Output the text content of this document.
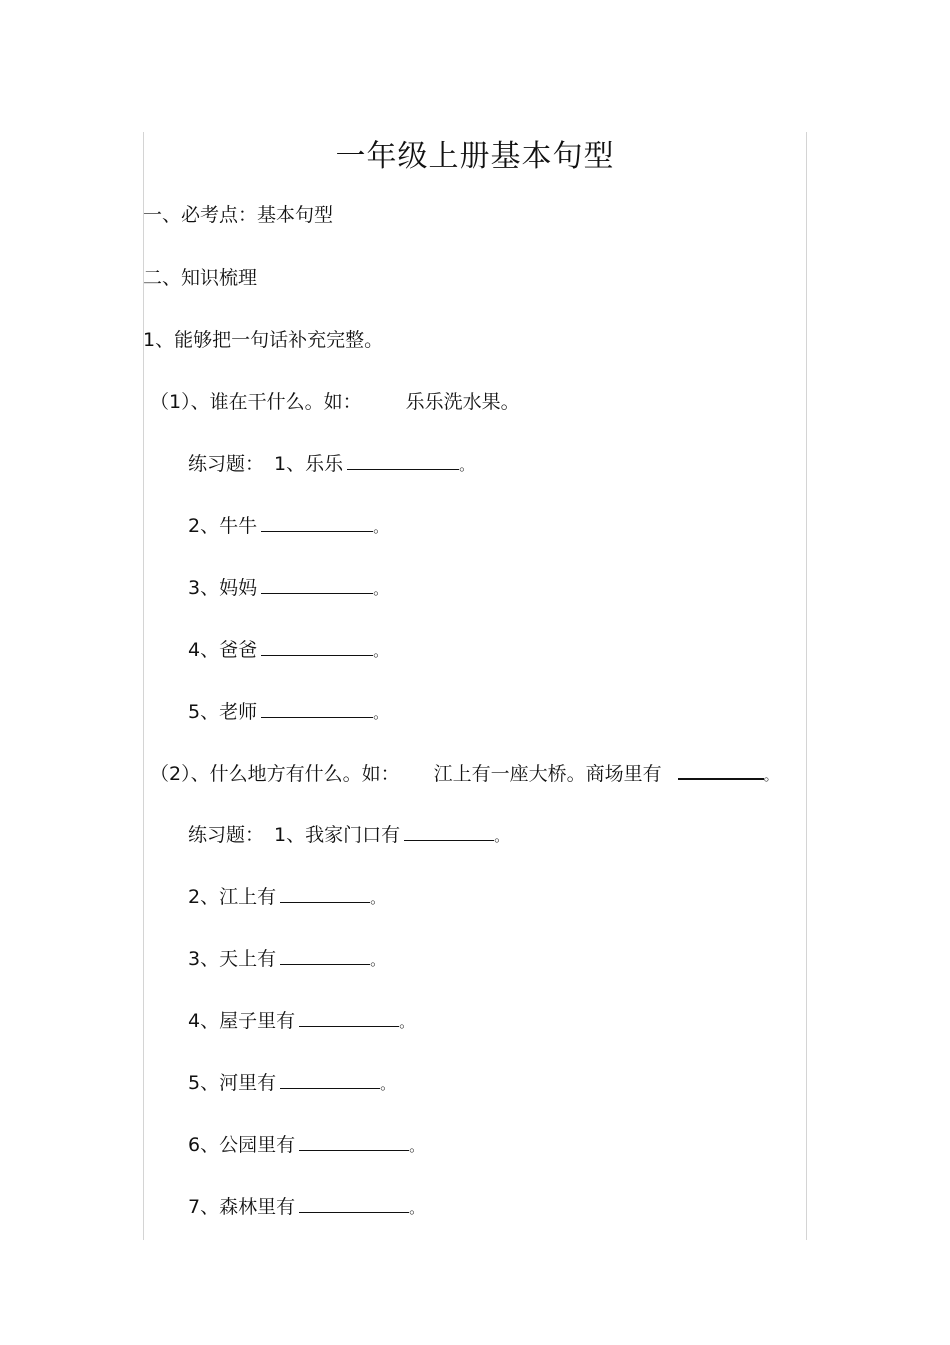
一年级上册基本句型
一、必考点：基本句型
二、知识梳理
1、能够把一句话补充完整。
（1）、谁在干什么。如： 乐乐洗水果。
练习题： 1、乐乐	。
2、牛牛	。
3、妈妈	。
4、爸爸	。
5、老师	。
（2）、什么地方有什么。如： 江上有一座大桥。商场里有	。
练习题： 1、我家门口有	。
2、江上有	。
3、天上有	。
4、屋子里有	。
5、河里有	。
6、公园里有	。
7、森林里有	。
